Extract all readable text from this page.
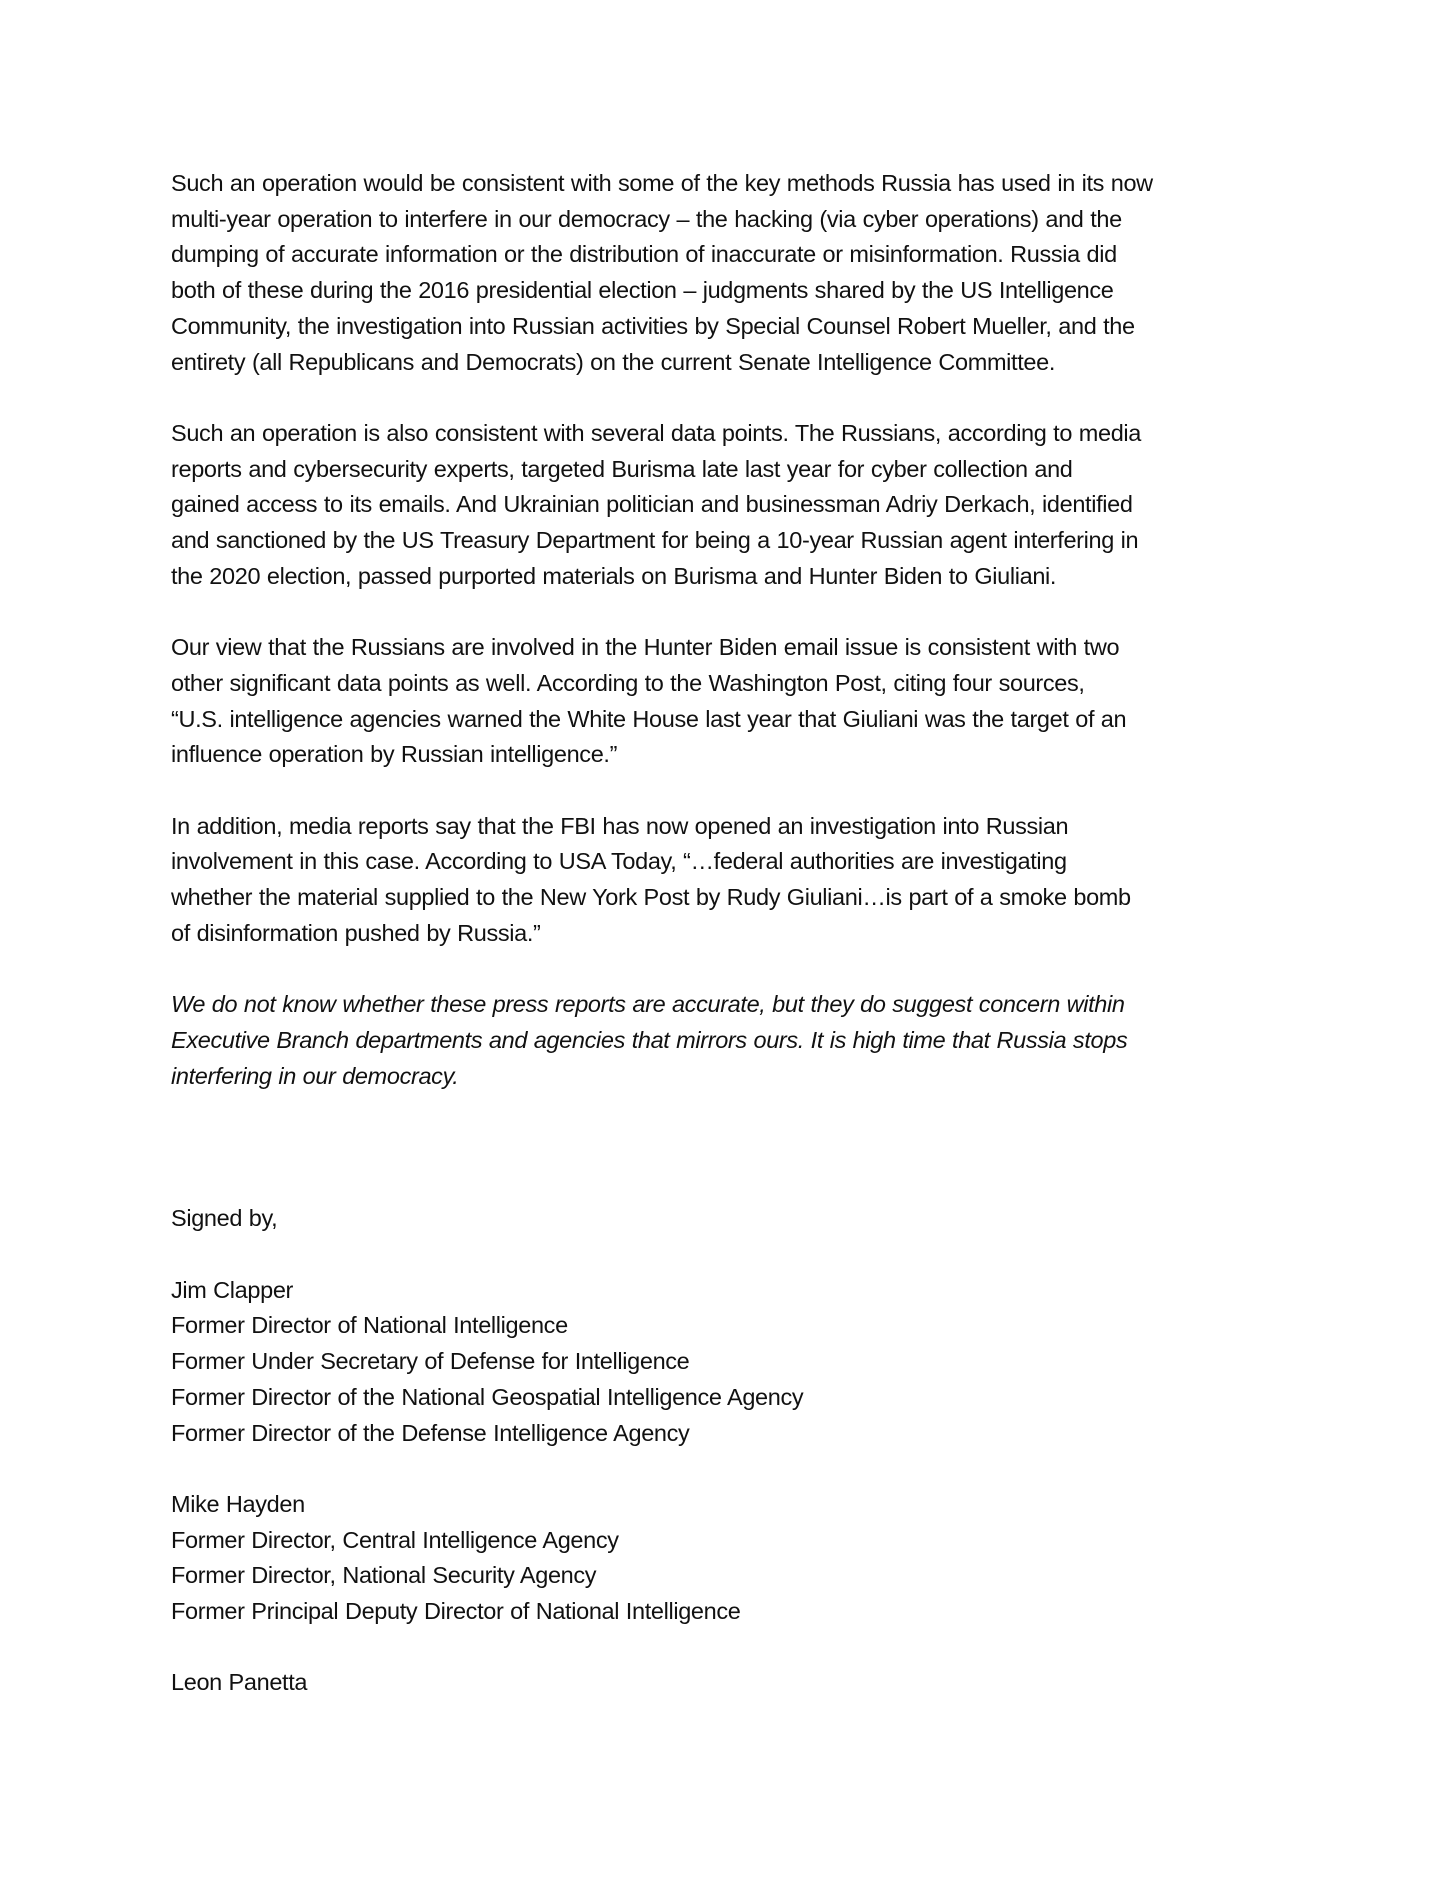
Such an operation would be consistent with some of the key methods Russia has used in its now
multi-year operation to interfere in our democracy – the hacking (via cyber operations) and the
dumping of accurate information or the distribution of inaccurate or misinformation. Russia did
both of these during the 2016 presidential election – judgments shared by the US Intelligence
Community, the investigation into Russian activities by Special Counsel Robert Mueller, and the
entirety (all Republicans and Democrats) on the current Senate Intelligence Committee.

Such an operation is also consistent with several data points. The Russians, according to media
reports and cybersecurity experts, targeted Burisma late last year for cyber collection and
gained access to its emails. And Ukrainian politician and businessman Adriy Derkach, identified
and sanctioned by the US Treasury Department for being a 10-year Russian agent interfering in
the 2020 election, passed purported materials on Burisma and Hunter Biden to Giuliani.

Our view that the Russians are involved in the Hunter Biden email issue is consistent with two
other significant data points as well. According to the Washington Post, citing four sources,
“U.S. intelligence agencies warned the White House last year that Giuliani was the target of an
influence operation by Russian intelligence.”

In addition, media reports say that the FBI has now opened an investigation into Russian
involvement in this case. According to USA Today, “…federal authorities are investigating
whether the material supplied to the New York Post by Rudy Giuliani…is part of a smoke bomb
of disinformation pushed by Russia.”

We do not know whether these press reports are accurate, but they do suggest concern within
Executive Branch departments and agencies that mirrors ours. It is high time that Russia stops
interfering in our democracy.

Signed by,

Jim Clapper
Former Director of National Intelligence
Former Under Secretary of Defense for Intelligence
Former Director of the National Geospatial Intelligence Agency
Former Director of the Defense Intelligence Agency
Mike Hayden
Former Director, Central Intelligence Agency
Former Director, National Security Agency
Former Principal Deputy Director of National Intelligence
Leon Panetta
